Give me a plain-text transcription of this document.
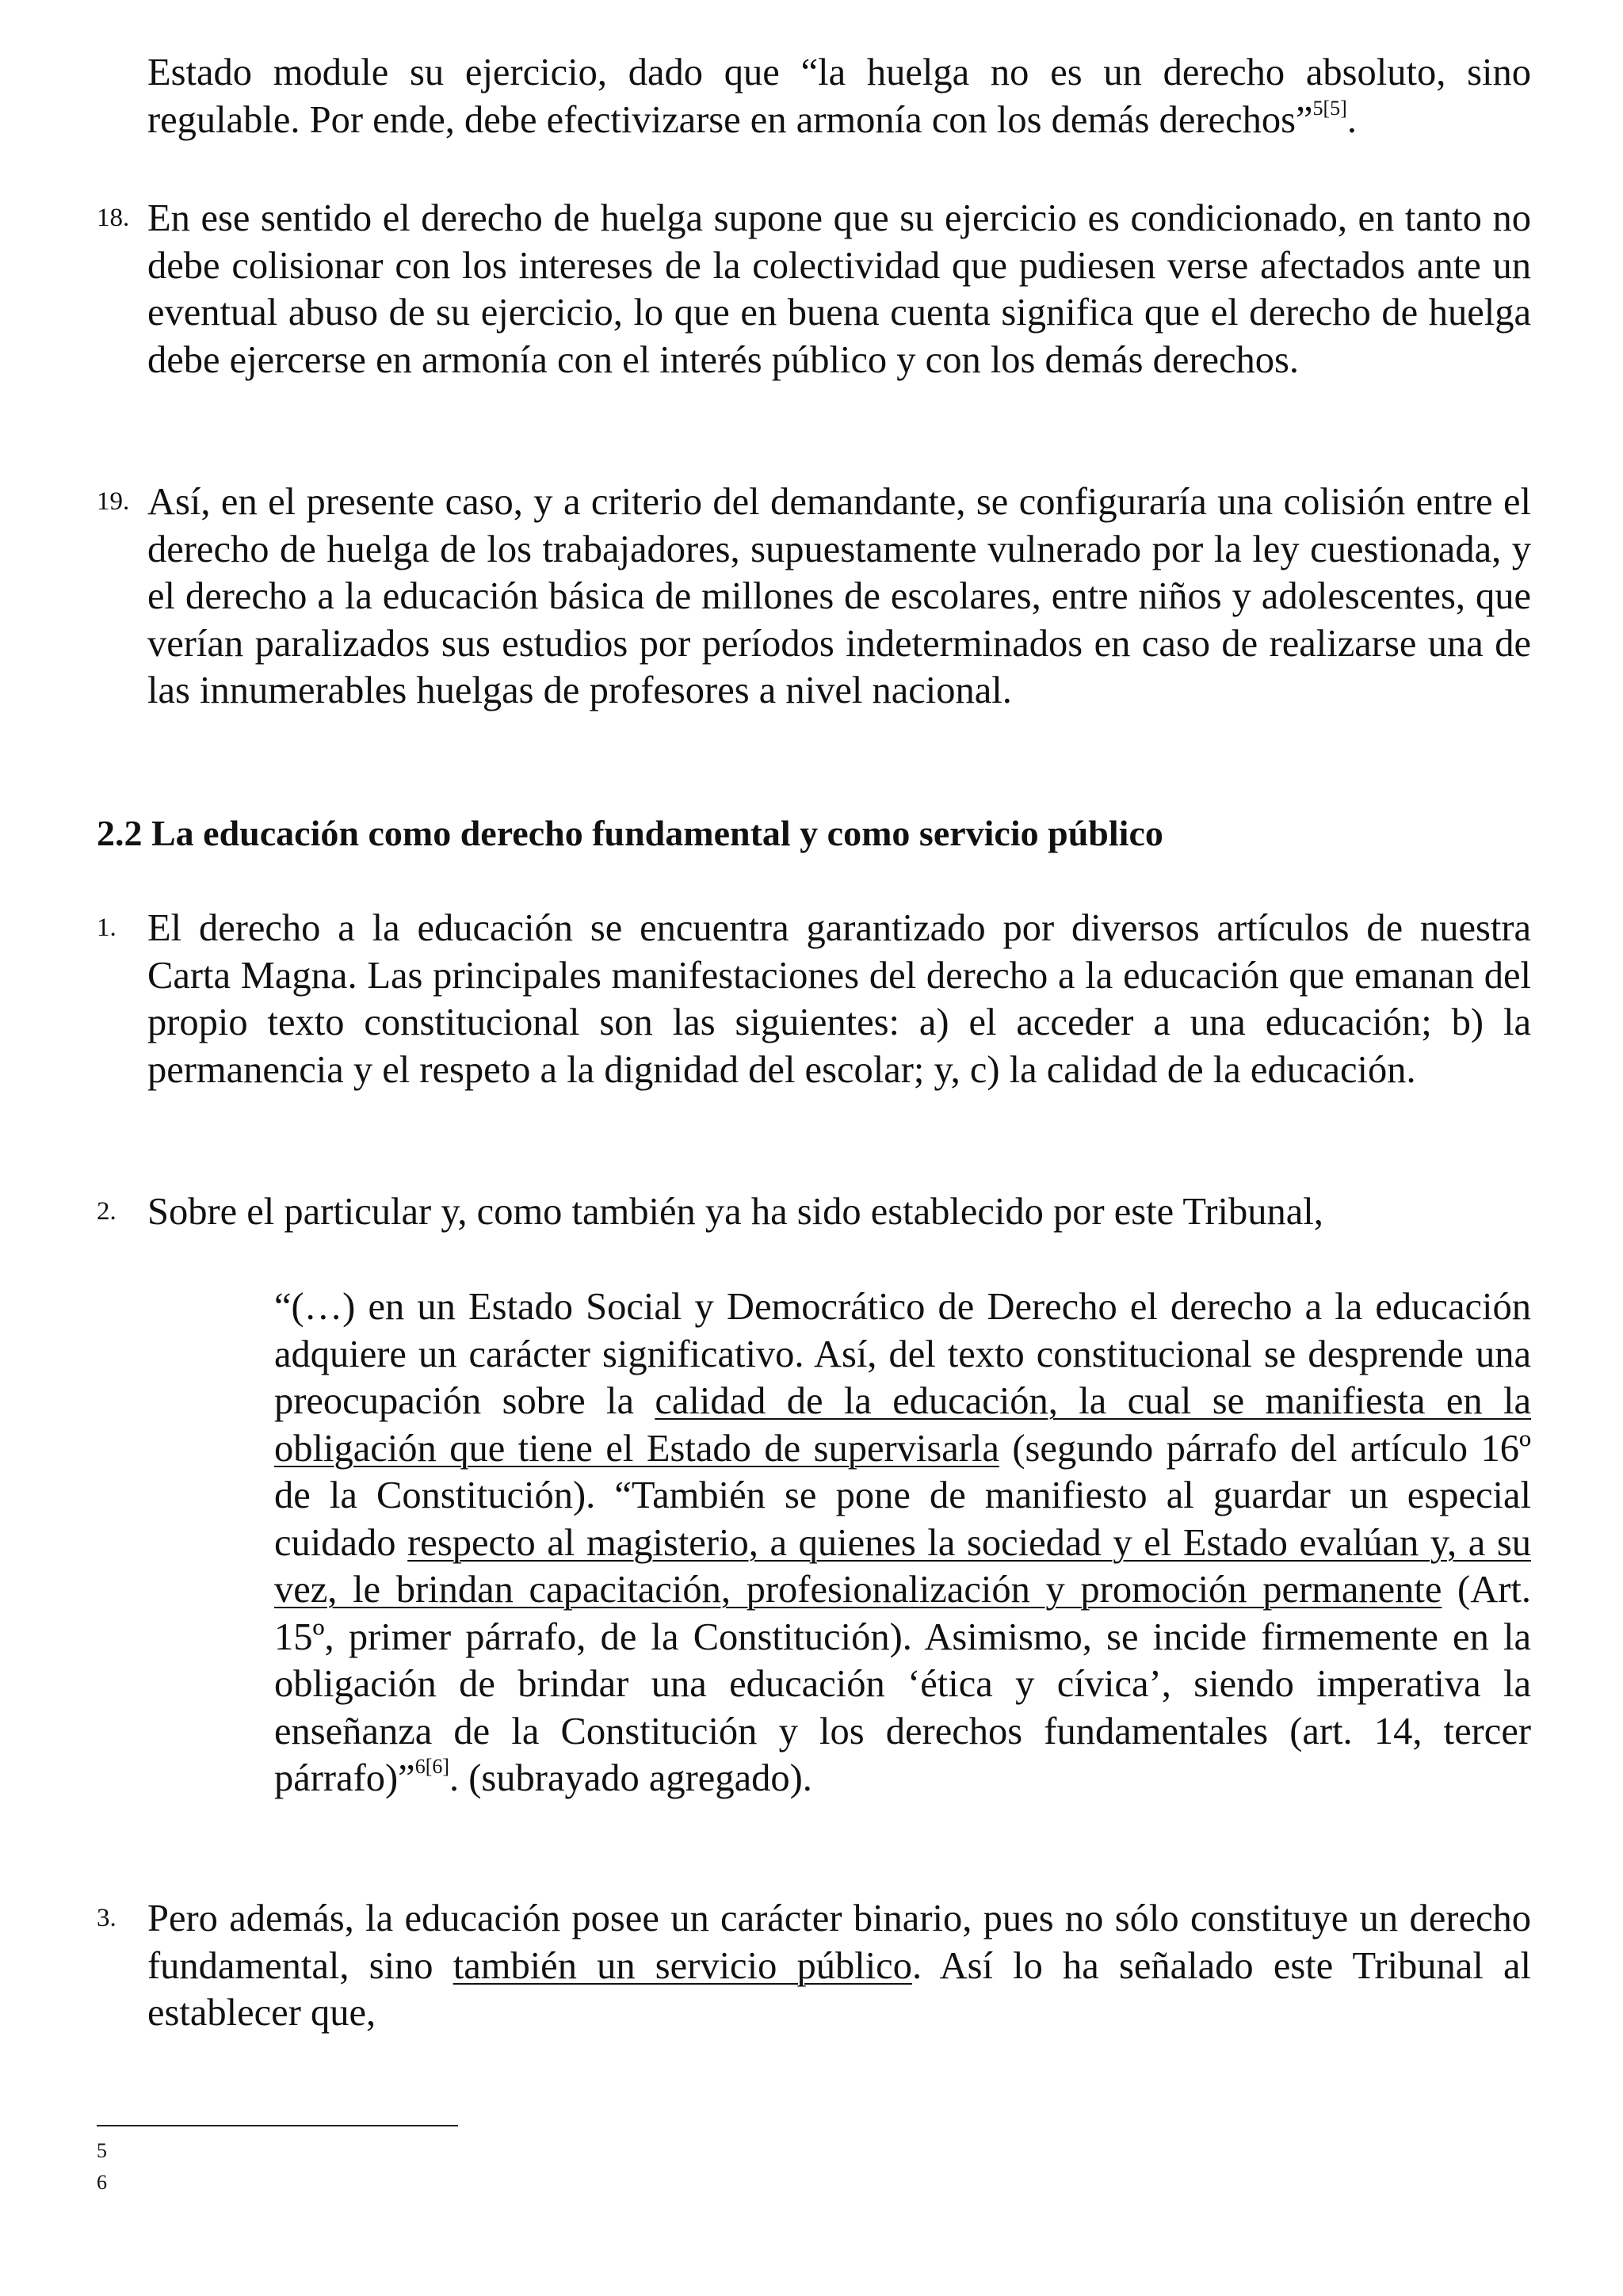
Estado module su ejercicio, dado que “la huelga no es un derecho absoluto, sino regulable. Por ende, debe efectivizarse en armonía con los demás derechos”$^{5[5]}$.

18. En ese sentido el derecho de huelga supone que su ejercicio es condicionado, en tanto no debe colisionar con los intereses de la colectividad que pudiesen verse afectados ante un eventual abuso de su ejercicio, lo que en buena cuenta significa que el derecho de huelga debe ejercerse en armonía con el interés público y con los demás derechos.

19. Así, en el presente caso, y a criterio del demandante, se configuraría una colisión entre el derecho de huelga de los trabajadores, supuestamente vulnerado por la ley cuestionada, y el derecho a la educación básica de millones de escolares, entre niños y adolescentes, que verían paralizados sus estudios por períodos indeterminados en caso de realizarse una de las innumerables huelgas de profesores a nivel nacional.

2.2 La educación como derecho fundamental y como servicio público

1. El derecho a la educación se encuentra garantizado por diversos artículos de nuestra Carta Magna. Las principales manifestaciones del derecho a la educación que emanan del propio texto constitucional son las siguientes: a) el acceder a una educación; b) la permanencia y el respeto a la dignidad del escolar; y, c) la calidad de la educación.

2. Sobre el particular y, como también ya ha sido establecido por este Tribunal,

“(…) en un Estado Social y Democrático de Derecho el derecho a la educación adquiere un carácter significativo. Así, del texto constitucional se desprende una preocupación sobre la calidad de la educación, la cual se manifiesta en la obligación que tiene el Estado de supervisarla (segundo párrafo del artículo 16º de la Constitución). “También se pone de manifiesto al guardar un especial cuidado respecto al magisterio, a quienes la sociedad y el Estado evalúan y, a su vez, le brindan capacitación, profesionalización y promoción permanente (Art. 15º, primer párrafo, de la Constitución). Asimismo, se incide firmemente en la obligación de brindar una educación ‘ética y cívica’, siendo imperativa la enseñanza de la Constitución y los derechos fundamentales (art. 14, tercer párrafo)”$^{6[6]}$. (subrayado agregado).

3. Pero además, la educación posee un carácter binario, pues no sólo constituye un derecho fundamental, sino también un servicio público. Así lo ha señalado este Tribunal al establecer que,

5

6
